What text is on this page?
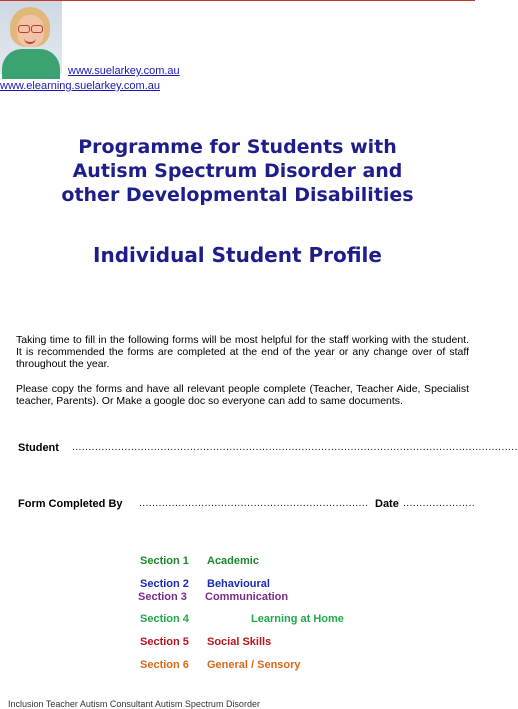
www.suelarkey.com.au
www.elearning.suelarkey.com.au
Programme for Students with
Autism Spectrum Disorder and
other Developmental Disabilities
Individual Student Profile
Taking time to fill in the following forms will be most helpful for the staff working with the student. It is recommended the forms are completed at the end of the year or any change over of staff throughout the year.
Please copy the forms and have all relevant people complete (Teacher, Teacher Aide, Specialist teacher, Parents). Or Make a google doc so everyone can add to same documents.
Student ........................................................................................................................................
Form Completed By ...................................................................... Date ......................
Section 1 Academic
Section 2 Behavioural
Section 3 Communication
Section 4	Learning at Home
Section 5 Social Skills
Section 6 General / Sensory
Inclusion Teacher Autism Consultant Autism Spectrum Disorder
